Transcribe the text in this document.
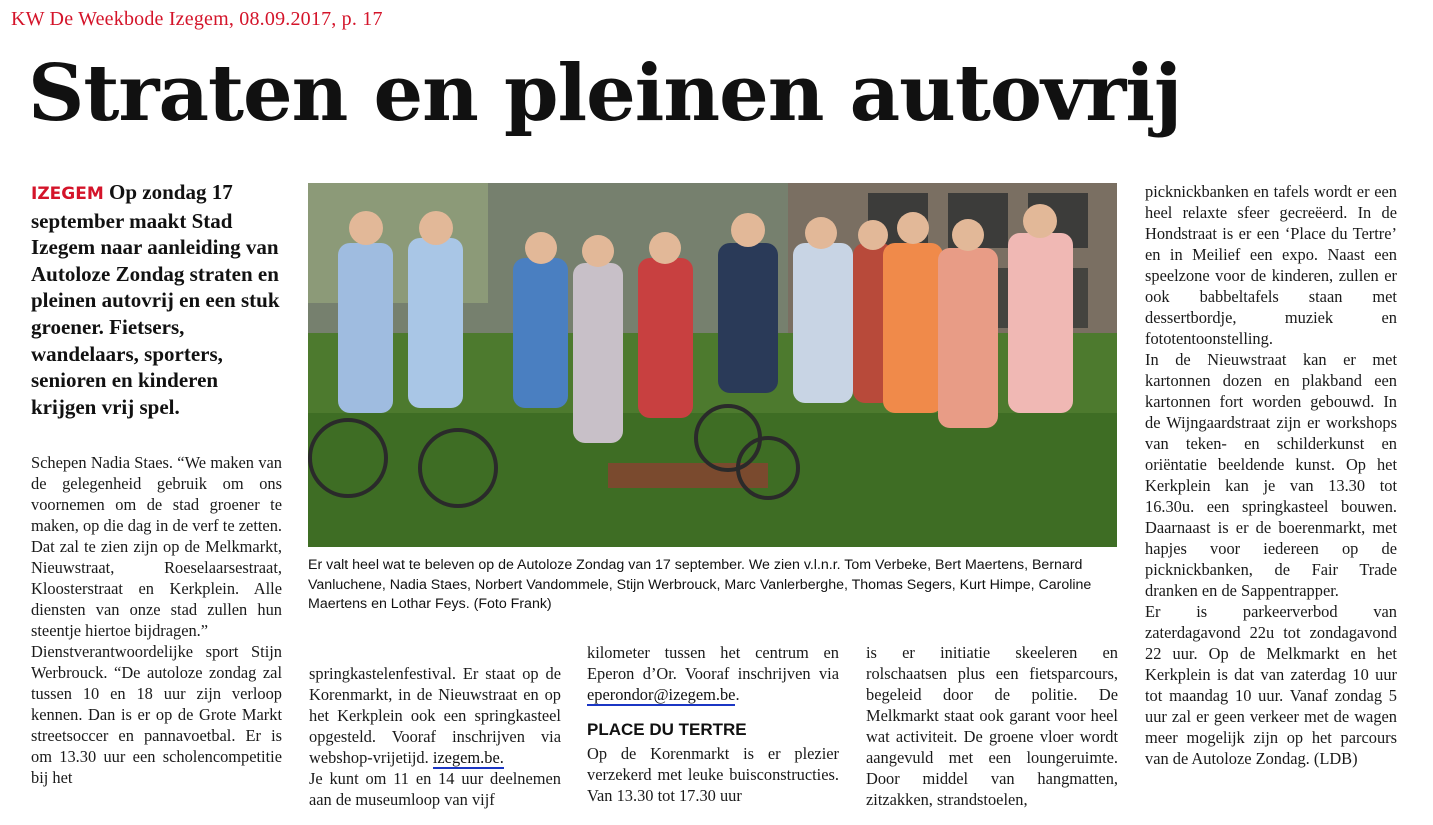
KW De Weekbode Izegem, 08.09.2017, p. 17
Straten en pleinen autovrij
IZEGEM Op zondag 17 september maakt Stad Izegem naar aanleiding van Autoloze Zondag straten en pleinen autovrij en een stuk groener. Fietsers, wandelaars, sporters, senioren en kinderen krijgen vrij spel.

Schepen Nadia Staes. “We maken van de gelegenheid gebruik om ons voornemen om de stad groener te maken, op die dag in de verf te zetten. Dat zal te zien zijn op de Melkmarkt, Nieuwstraat, Roeselaarsestraat, Kloosterstraat en Kerkplein. Alle diensten van onze stad zullen hun steentje hiertoe bijdragen.”

Dienstverantwoordelijke sport Stijn Werbrouck. “De autoloze zondag zal tussen 10 en 18 uur zijn verloop kennen. Dan is er op de Grote Markt streetsoccer en pannavoetbal. Er is om 13.30 uur een scholencompetitie bij het

Er valt heel wat te beleven op de Autoloze Zondag van 17 september. We zien v.l.n.r. Tom Verbeke, Bert Maertens, Bernard Vanluchene, Nadia Staes, Norbert Vandommele, Stijn Werbrouck, Marc Vanlerberghe, Thomas Segers, Kurt Himpe, Caroline Maertens en Lothar Feys. (Foto Frank)

springkastelenfestival. Er staat op de Korenmarkt, in de Nieuwstraat en op het Kerkplein ook een springkasteel opgesteld. Vooraf inschrijven via webshop-vrijetijd. izegem.be.

Je kunt om 11 en 14 uur deelnemen aan de museumloop van vijf

kilometer tussen het centrum en Eperon d’Or. Vooraf inschrijven via eperondor@izegem.be.

PLACE DU TERTRE

Op de Korenmarkt is er plezier verzekerd met leuke buisconstructies. Van 13.30 tot 17.30 uur

is er initiatie skeeleren en rolschaatsen plus een fietsparcours, begeleid door de politie. De Melkmarkt staat ook garant voor heel wat activiteit. De groene vloer wordt aangevuld met een loungeruimte. Door middel van hangmatten, zitzakken, strandstoelen,

picknickbanken en tafels wordt er een heel relaxte sfeer gecreëerd. In de Hondstraat is er een ‘Place du Tertre’ en in Meilief een expo. Naast een speelzone voor de kinderen, zullen er ook babbeltafels staan met dessertbordje, muziek en fototentoonstelling.

In de Nieuwstraat kan er met kartonnen dozen en plakband een kartonnen fort worden gebouwd. In de Wijngaardstraat zijn er workshops van teken- en schilderkunst en oriëntatie beeldende kunst. Op het Kerkplein kan je van 13.30 tot 16.30u. een springkasteel bouwen. Daarnaast is er de boerenmarkt, met hapjes voor iedereen op de picknickbanken, de Fair Trade dranken en de Sappentrapper.

Er is parkeerverbod van zaterdagavond 22u tot zondagavond 22 uur. Op de Melkmarkt en het Kerkplein is dat van zaterdag 10 uur tot maandag 10 uur. Vanaf zondag 5 uur zal er geen verkeer met de wagen meer mogelijk zijn op het parcours van de Autoloze Zondag. (LDB)
